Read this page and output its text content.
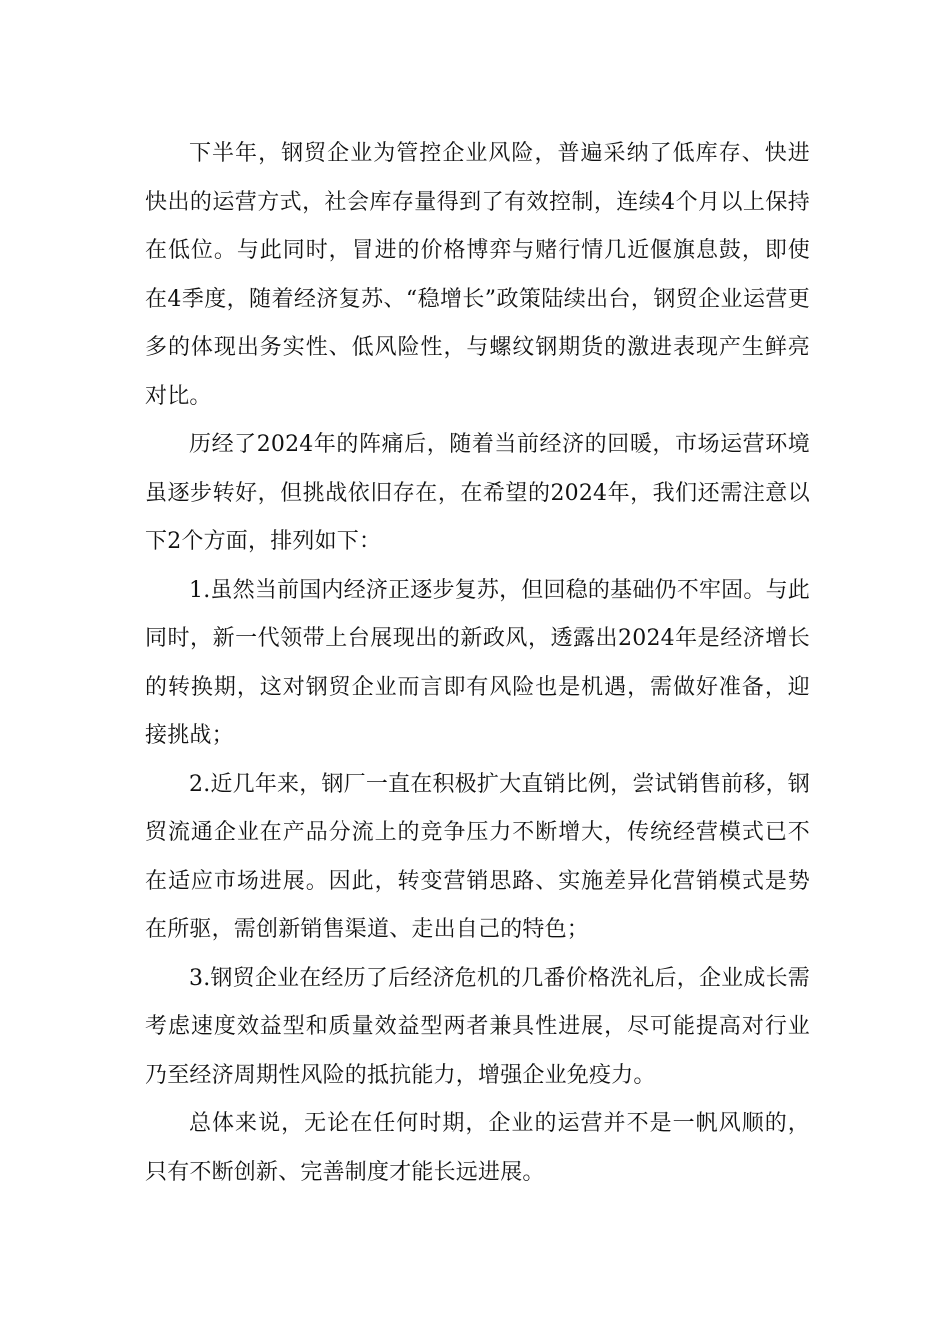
下半年，钢贸企业为管控企业风险，普遍采纳了低库存、快进快出的运营方式，社会库存量得到了有效控制，连续4个月以上保持在低位。与此同时，冒进的价格博弈与赌行情几近偃旗息鼓，即使在4季度，随着经济复苏、“稳增长”政策陆续出台，钢贸企业运营更多的体现出务实性、低风险性，与螺纹钢期货的激进表现产生鲜亮对比。

历经了2024年的阵痛后，随着当前经济的回暖，市场运营环境虽逐步转好，但挑战依旧存在，在希望的2024年，我们还需注意以下2个方面，排列如下：

1.虽然当前国内经济正逐步复苏，但回稳的基础仍不牢固。与此同时，新一代领带上台展现出的新政风，透露出2024年是经济增长的转换期，这对钢贸企业而言即有风险也是机遇，需做好准备，迎接挑战；

2.近几年来，钢厂一直在积极扩大直销比例，尝试销售前移，钢贸流通企业在产品分流上的竞争压力不断增大，传统经营模式已不在适应市场进展。因此，转变营销思路、实施差异化营销模式是势在所驱，需创新销售渠道、走出自己的特色；

3.钢贸企业在经历了后经济危机的几番价格洗礼后，企业成长需考虑速度效益型和质量效益型两者兼具性进展，尽可能提高对行业乃至经济周期性风险的抵抗能力，增强企业免疫力。

总体来说，无论在任何时期，企业的运营并不是一帆风顺的，只有不断创新、完善制度才能长远进展。
